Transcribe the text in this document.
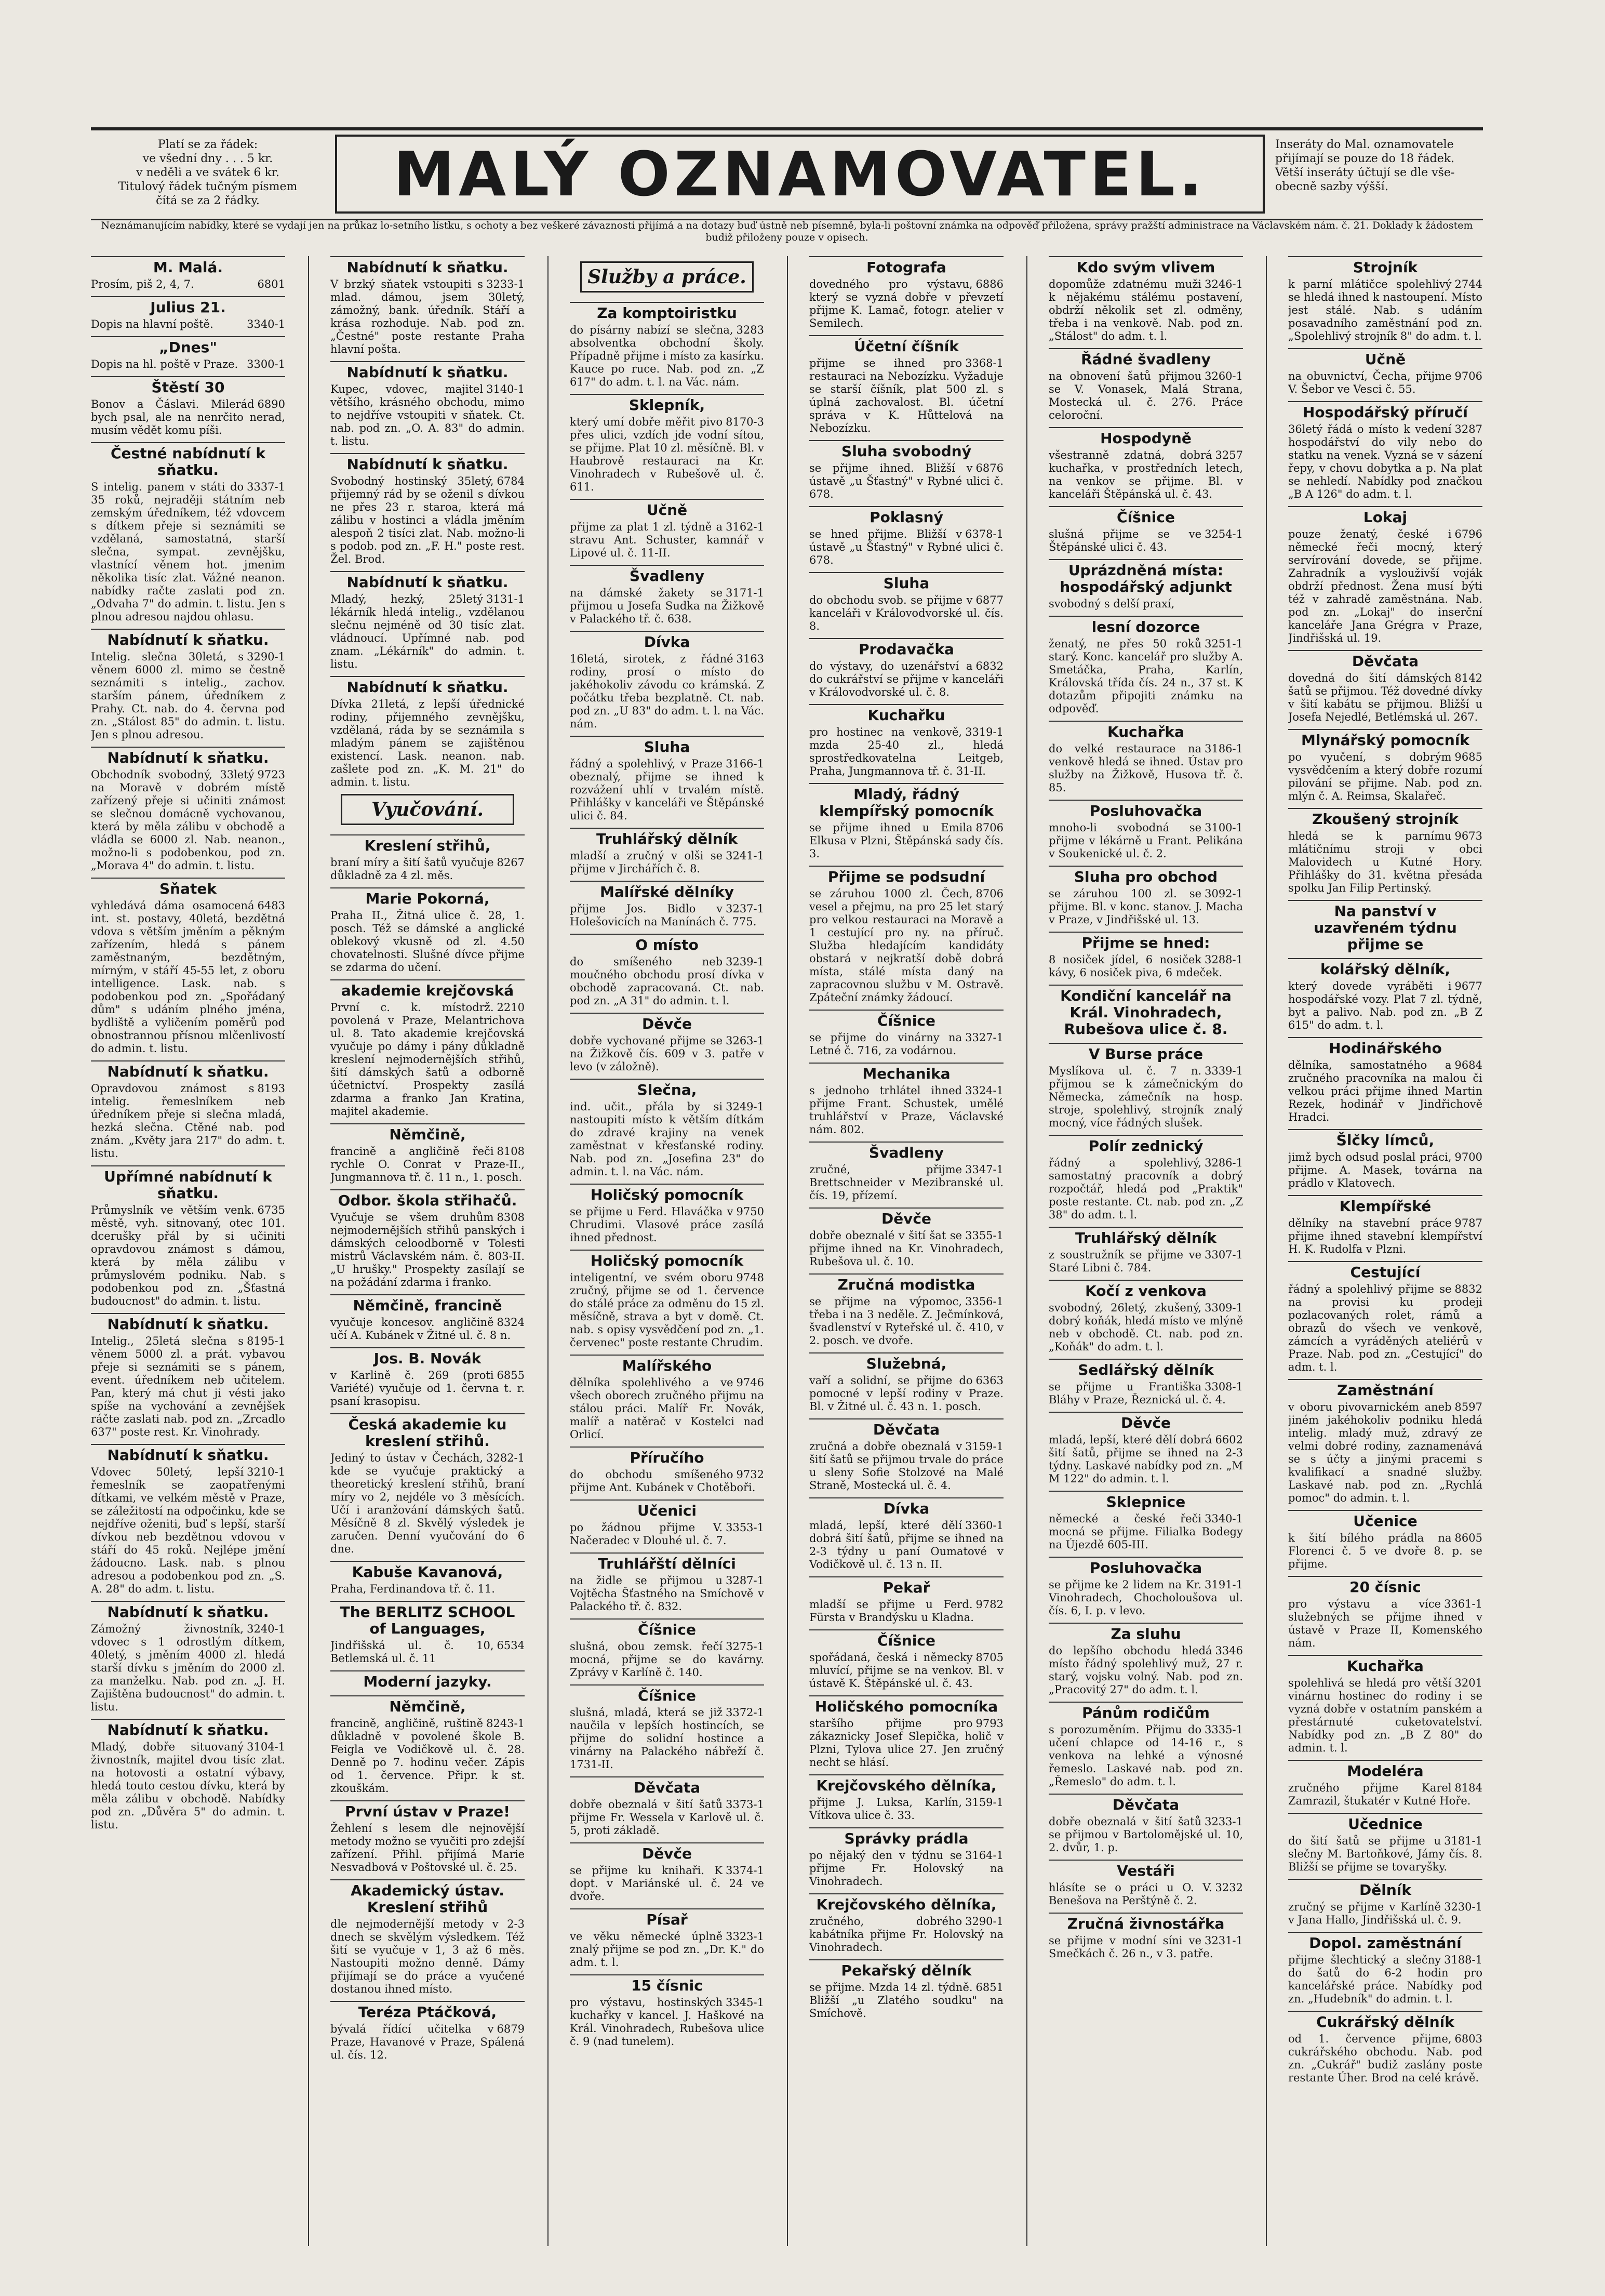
Platí se za řádek:
ve všední dny . . . 5 kr.
v neděli a ve svátek 6 kr.
Titulový řádek tučným písmem
čítá se za 2 řádky.	MALÝ OZNAMOVATEL.	Inseráty do Mal. oznamovatele
přijímají se pouze do 18 řádek.
Větší inseráty účtují se dle vše-
obecně sazby výšší.
Neznámanujícím nabídky, které se vydají jen na průkaz lo-setního lístku, s ochoty a bez veškeré závaznosti přijímá a na dotazy buď ústně neb písemně, byla-li poštovní známka na odpověď přiložena, správy pražští administrace na Václavském nám. č. 21. Doklady k žádostem budiž přiloženy pouze v opisech.
M. Malá.
6801
Prosím, piš 2, 4, 7.
Julius 21.
3340-1
Dopis na hlavní poště.
„Dnes"
3300-1
Dopis na hl. poště v Praze.
Štěstí 30
6890
Bonov a Čáslavi. Milerád bych psal, ale na nenrčito nerad, musím vědět komu píši.
Čestné nabídnutí k sňatku.
3337-1
S intelig. panem v státi do 35 roků, nejraději státním neb zemským úředníkem, též vdovcem s dítkem přeje si seznámiti se vzdělaná, samostatná, starší slečna, sympat. zevnějšku, vlastnící věnem hot. jmenim několika tisíc zlat. Vážné neanon. nabídky račte zaslati pod zn. „Odvaha 7" do admin. t. listu. Jen s plnou adresou najdou ohlasu.
Nabídnutí k sňatku.
3290-1
Intelig. slečna 30letá, s věnem 6000 zl. mimo se čestně seznámiti s intelig., zachov. starším pánem, úředníkem z Prahy. Ct. nab. do 4. června pod zn. „Stálost 85" do admin. t. listu. Jen s plnou adresou.
Nabídnutí k sňatku.
9723
Obchodník svobodný, 33letý na Moravě v dobrém místě zařízený přeje si učiniti známost se slečnou domácně vychovanou, která by měla zálibu v obchodě a vládla se 6000 zl. Nab. neanon., možno-li s podobenkou, pod zn. „Morava 4" do admin. t. listu.
Sňatek
6483
vyhledává dáma osamocená int. st. postavy, 40letá, bezdětná vdova s větším jměním a pěkným zařízením, hledá s pánem zaměstnaným, bezdětným, mírným, v stáří 45-55 let, z oboru intelligence. Lask. nab. s podobenkou pod zn. „Spořádaný dům" s udáním plného jména, bydliště a vyličením poměrů pod obnostrannou přísnou mlčenlivostí do admin. t. listu.
Nabídnutí k sňatku.
8193
Opravdovou známost s intelig. řemeslníkem neb úředníkem přeje si slečna mladá, hezká slečna. Ctěné nab. pod znám. „Květy jara 217" do adm. t. listu.
Upřímné nabídnutí k sňatku.
6735
Průmyslník ve větším venk. městě, vyh. sitnovaný, otec 101. dcerušky přál by si učiniti opravdovou známost s dámou, která by měla zálibu v průmyslovém podniku. Nab. s podobenkou pod zn. „Šťastná budoucnost" do admin. t. listu.
Nabídnutí k sňatku.
8195-1
Intelig., 25letá slečna s věnem 5000 zl. a prát. vybavou přeje si seznámiti se s pánem, event. úředníkem neb učitelem. Pan, který má chut ji vésti jako spíše na vychování a zevnějšek ráčte zaslati nab. pod zn. „Zrcadlo 637" poste rest. Kr. Vinohrady.
Nabídnutí k sňatku.
3210-1
Vdovec 50letý, lepší řemeslník se zaopatřenými dítkami, ve velkém městě v Praze, se záležitostí na odpočinku, kde se nejdříve oženiti, buď s lepší, starší dívkou neb bezdětnou vdovou v stáří do 45 roků. Nejlépe jmění žádoucno. Lask. nab. s plnou adresou a podobenkou pod zn. „S. A. 28" do adm. t. listu.
Nabídnutí k sňatku.
3240-1
Zámožný živnostník, vdovec s 1 odrostlým dítkem, 40letý, s jměním 4000 zl. hledá starší dívku s jměním do 2000 zl. za manželku. Nab. pod zn. „J. H. Zajištěna budoucnost" do admin. t. listu.
Nabídnutí k sňatku.
3104-1
Mladý, dobře situovaný živnostník, majitel dvou tisíc zlat. na hotovosti a ostatní výbavy, hledá touto cestou dívku, která by měla zálibu v obchodě. Nabídky pod zn. „Důvěra 5" do admin. t. listu.
Nabídnutí k sňatku.
3233-1
V brzký sňatek vstoupiti s mlad. dámou, jsem 30letý, zámožný, bank. úředník. Stáří a krása rozhoduje. Nab. pod zn. „Čestné" poste restante Praha hlavní pošta.
Nabídnutí k sňatku.
3140-1
Kupec, vdovec, majitel většího, krásného obchodu, mimo to nejdříve vstoupiti v sňatek. Ct. nab. pod zn. „O. A. 83" do admin. t. listu.
Nabídnutí k sňatku.
6784
Svobodný hostinský 35letý, přijemný rád by se oženil s dívkou ne přes 23 r. staroa, která má zálibu v hostinci a vládla jměním alespoň 2 tisíci zlat. Nab. možno-li s podob. pod zn. „F. H." poste rest. Žel. Brod.
Nabídnutí k sňatku.
3131-1
Mladý, hezký, 25letý lékárník hledá intelig., vzdělanou slečnu nejméně od 30 tisíc zlat. vládnoucí. Upřímné nab. pod znam. „Lékárník" do admin. t. listu.
Nabídnutí k sňatku.
Dívka 21letá, z lepší úřednické rodiny, přijemného zevnějšku, vzdělaná, ráda by se seznámila s mladým pánem se zajištěnou existencí. Lask. neanon. nab. zašlete pod zn. „K. M. 21" do admin. t. listu.
Vyučování.
Kreslení střihů,
8267
braní míry a šití šatů vyučuje důkladně za 4 zl. měs.
Marie Pokorná,
Praha II., Žitná ulice č. 28, 1. posch. Též se dámské a anglické oblekový vkusně od zl. 4.50 chovatelnosti. Slušné dívce přijme se zdarma do učení.
akademie krejčovská
2210
První c. k. místodrž. povolená v Praze, Melantrichova ul. 8. Tato akademie krejčovská vyučuje po dámy i pány důkladně kreslení nejmodernějších střihů, šití dámských šatů a odborně účetnictví. Prospekty zasílá zdarma a franko Jan Kratina, majitel akademie.
Němčině,
8108
francině a angličině řeči rychle O. Conrat v Praze-II., Jungmannova tř. č. 11 n., 1. posch.
Odbor. škola střihačů.
8308
Vyučuje se všem druhům nejmodernějších střihů panských i dámských celoodborně v Tolesti mistrů Václavském nám. č. 803-II. „U hrušky." Prospekty zasílají se na požádání zdarma i franko.
Němčině, francině
8324
vyučuje koncesov. angličině učí A. Kubánek v Žitné ul. č. 8 n.
Jos. B. Novák
6855
v Karlině č. 269 (proti Variété) vyučuje od 1. června t. r. psaní krasopisu.
Česká akademie ku kreslení střihů.
3282-1
Jediný to ústav v Čechách, kde se vyučuje praktický a theoretický kreslení střihů, braní míry vo 2, nejdéle vo 3 měsících. Učí i aranžování dámských šatů. Měsíčně 8 zl. Skvělý výsledek je zaručen. Denní vyučování do 6 dne.
Kabuše Kavanová,
Praha, Ferdinandova tř. č. 11.
The BERLITZ SCHOOL of Languages,
6534
Jindřišská ul. č. 10, Betlemská ul. č. 11
Moderní jazyky.
Němčině,
8243-1
francině, angličině, ruštině důkladně v povolené škole B. Feigla ve Vodičkově ul. č. 28. Denně po 7. hodinu večer. Zápis od 1. července. Připr. k st. zkouškám.
První ústav v Praze!
Žehlení s lesem dle nejnovější metody možno se vyučiti pro zdejší zařízení. Přihl. přijímá Marie Nesvadbová v Poštovské ul. č. 25.
Akademický ústav. Kreslení střihů
dle nejmodernější metody v 2-3 dnech se skvělým výsledkem. Též šití se vyučuje v 1, 3 až 6 měs. Nastoupiti možno denně. Dámy přijímají se do práce a vyučené dostanou ihned místo.
Teréza Ptáčková,
6879
bývalá řídící učitelka v Praze, Havanové v Praze, Spálená ul. čís. 12.
Služby a práce.
Za komptoiristku
3283
do písárny nabízí se slečna, absolventka obchodní školy. Případně přijme i místo za kasírku. Kauce po ruce. Nab. pod zn. „Z 617" do adm. t. l. na Vác. nám.
Sklepník,
8170-3
který umí dobře měřit pivo přes ulici, vzdích jde vodní sítou, se přijme. Plat 10 zl. měsíčně. Bl. v Haubrově restauraci na Kr. Vinohradech v Rubešově ul. č. 611.
Učně
3162-1
přijme za plat 1 zl. týdně a stravu Ant. Schuster, kamnář v Lipové ul. č. 11-II.
Švadleny
3171-1
na dámské žakety se přijmou u Josefa Sudka na Žižkově v Palackého tř. č. 638.
Dívka
3163
16letá, sirotek, z řádné rodiny, prosí o místo do jakéhokoliv závodu co krámská. Z počátku třeba bezplatně. Ct. nab. pod zn. „U 83" do adm. t. l. na Vác. nám.
Sluha
3166-1
řádný a spolehlivý, v Praze obeznalý, přijme se ihned k rozvážení uhlí v trvalém místě. Přihlášky v kanceláři ve Štěpánské ulici č. 84.
Truhlářský dělník
3241-1
mladší a zručný v olši se přijme v Jirchářích č. 8.
Malířské dělníky
3237-1
přijme Jos. Bidlo v Holešovicích na Manínách č. 775.
O místo
3239-1
do smíšeného neb moučného obchodu prosí dívka v obchodě zapracovaná. Ct. nab. pod zn. „A 31" do admin. t. l.
Děvče
3263-1
dobře vychované přijme se na Žižkově čís. 609 v 3. patře v levo (v záložně).
Slečna,
3249-1
ind. učit., přála by si nastoupiti místo k větším dítkám do zdravé krajiny na venek zaměstnat v křesťanské rodiny. Nab. pod zn. „Josefina 23" do admin. t. l. na Vác. nám.
Holičský pomocník
9750
se přijme u Ferd. Hlaváčka v Chrudimi. Vlasové práce zasílá ihned přednost.
Holičský pomocník
9748
inteligentní, ve svém oboru zručný, přijme se od 1. července do stálé práce za odměnu do 15 zl. měsíčně, strava a byt v domě. Ct. nab. s opisy vysvědčení pod zn. „1. červenec" poste restante Chrudim.
Malířského
9746
dělníka spolehlivého a ve všech oborech zručného přijmu na stálou práci. Malíř Fr. Novák, malíř a natěrač v Kostelci nad Orlicí.
Příručího
9732
do obchodu smíšeného přijme Ant. Kubánek v Chotěboři.
Učenici
3353-1
po žádnou přijme V. Načeradec v Dlouhé ul. č. 7.
Truhlářští dělníci
3287-1
na židle se přijmou u Vojtěcha Šťastného na Smíchově v Palackého tř. č. 832.
Číšnice
3275-1
slušná, obou zemsk. řečí mocná, přijme se do kavárny. Zprávy v Karlíně č. 140.
Číšnice
3372-1
slušná, mladá, která se již naučila v lepších hostincích, se přijme do solidní hostince a vinárny na Palackého nábřeží č. 1731-II.
Děvčata
3373-1
dobře obeznalá v šití šatů přijme Fr. Wessela v Karlově ul. č. 5, proti základě.
Děvče
3374-1
se přijme ku knihaři. K dopt. v Mariánské ul. č. 24 ve dvoře.
Písař
3323-1
ve věku německé úplně znalý přijme se pod zn. „Dr. K." do adm. t. l.
15 čísnic
3345-1
pro výstavu, hostinských kuchařky v kancel. J. Haškové na Král. Vinohradech, Rubešova ulice č. 9 (nad tunelem).
Fotografa
6886
dovedného pro výstavu, který se vyzná dobře v převzetí přijme K. Lamač, fotogr. atelier v Semilech.
Účetní číšník
3368-1
přijme se ihned pro restauraci na Nebozízku. Vyžaduje se starší číšník, plat 500 zl. s úplná zachovalost. Bl. účetní správa v K. Hůttelová na Nebozízku.
Sluha svobodný
6876
se přijme ihned. Bližší v ústavě „u Šťastný" v Rybné ulici č. 678.
Poklasný
6378-1
se hned přijme. Bližší v ústavě „u Šťastný" v Rybné ulici č. 678.
Sluha
6877
do obchodu svob. se přijme v kanceláři v Královodvorské ul. čís. 8.
Prodavačka
6832
do výstavy, do uzenářství a do cukrářství se přijme v kanceláři v Královodvorské ul. č. 8.
Kuchařku
3319-1
pro hostinec na venkově, mzda 25-40 zl., hledá sprostředkovatelna Leitgeb, Praha, Jungmannova tř. č. 31-II.
Mladý, řádný klempířský pomocník
8706
se přijme ihned u Emila Elkusa v Plzni, Štěpánská sady čís. 3.
Přijme se podsudní
8706
se záruhou 1000 zl. Čech, vesel a přejmu, na pro 25 let starý pro velkou restauraci na Moravě a 1 cestující pro ny. na příruč. Služba hledajícím kandidáty obstará v nejkratší době dobrá místa, stálé místa daný na zapracovnou službu v M. Ostravě. Zpáteční známky žádoucí.
Číšnice
3327-1
se přijme do vinárny na Letné č. 716, za vodárnou.
Mechanika
3324-1
s jednoho trhlátel ihned přijme Frant. Schustek, umělé truhlářství v Praze, Václavské nám. 802.
Švadleny
3347-1
zručné, přijme Brettschneider v Mezibranské ul. čís. 19, přízemí.
Děvče
3355-1
dobře obeznalé v šití šat se přijme ihned na Kr. Vinohradech, Rubešova ul. č. 10.
Zručná modistka
3356-1
se přijme na výpomoc, třeba i na 3 neděle. Z. Ječmínková, švadlenství v Ryteřské ul. č. 410, v 2. posch. ve dvoře.
Služebná,
6363
vaří a solidní, se přijme do pomocné v lepší rodiny v Praze. Bl. v Žitné ul. č. 43 n. 1. posch.
Děvčata
3159-1
zručná a dobře obeznalá v šití šatů se přijmou trvale do práce u sleny Sofie Stolzové na Malé Straně, Mostecká ul. č. 4.
Dívka
3360-1
mladá, lepší, které dělí dobrá šití šatů, přijme se ihned na 2-3 týdny u paní Oumatové v Vodičkově ul. č. 13 n. II.
Pekař
9782
mladší se přijme u Ferd. Fürsta v Brandýsku u Kladna.
Číšnice
8705
spořádaná, česká i německy mluvící, přijme se na venkov. Bl. v ústavě K. Štěpánské ul. č. 43.
Holičského pomocníka
9793
staršího přijme pro zákaznicky Josef Slepička, holič v Plzni, Tylova ulice 27. Jen zručný necht se hlásí.
Krejčovského dělníka,
3159-1
přijme J. Luksa, Karlín, Vítkova ulice č. 33.
Správky prádla
3164-1
po nějaký den v týdnu se přijme Fr. Holovský na Vinohradech.
Krejčovského dělníka,
3290-1
zručného, dobrého kabátníka přijme Fr. Holovský na Vinohradech.
Pekařský dělník
6851
se přijme. Mzda 14 zl. týdně. Bližší „u Zlatého soudku" na Smíchově.
Kdo svým vlivem
3246-1
dopomůže zdatnému muži k nějakému stálému postavení, obdrží několik set zl. odměny, třeba i na venkově. Nab. pod zn. „Stálost" do adm. t. l.
Řádné švadleny
3260-1
na obnovení šatů přijmou se V. Vonasek, Malá Strana, Mostecká ul. č. 276. Práce celoroční.
Hospodyně
3257
všestranně zdatná, dobrá kuchařka, v prostředních letech, na venkov se přijme. Bl. v kanceláři Štěpánská ul. č. 43.
Číšnice
3254-1
slušná přijme se ve Štěpánské ulici č. 43.
Uprázdněná místa: hospodářský adjunkt
svobodný s delší praxí,
lesní dozorce
3251-1
ženatý, ne přes 50 roků starý. Konc. kancelář pro služby A. Smetáčka, Praha, Karlín, Královská třída čís. 24 n., 37 st. K dotazům připojiti známku na odpověď.
Kuchařka
3186-1
do velké restaurace na venkově hledá se ihned. Ústav pro služby na Žižkově, Husova tř. č. 85.
Posluhovačka
3100-1
mnoho-li svobodná se přijme v lékárně u Frant. Pelikána v Soukenické ul. č. 2.
Sluha pro obchod
3092-1
se záruhou 100 zl. se přijme. Bl. v konc. stanov. J. Macha v Praze, v Jindřišské ul. 13.
Přijme se hned:
3288-1
8 nosiček jídel, 6 nosiček kávy, 6 nosiček piva, 6 mdeček.
Kondiční kancelář na Král. Vinohradech, Rubešova ulice č. 8.
V Burse práce
3339-1
Myslíkova ul. č. 7 n. přijmou se k zámečnickým do Německa, zámečník na hosp. stroje, spolehlivý, strojník znalý mocný, více řádných slušek.
Polír zednický
3286-1
řádný a spolehlivý, samostatný pracovník a dobrý rozpočtář, hledá pod „Praktik" poste restante. Ct. nab. pod zn. „Z 38" do adm. t. l.
Truhlářský dělník
3307-1
z soustružník se přijme ve Staré Libni č. 784.
Kočí z venkova
3309-1
svobodný, 26letý, zkušený, dobrý koňák, hledá místo ve mlýně neb v obchodě. Ct. nab. pod zn. „Koňák" do adm. t. l.
Sedlářský dělník
3308-1
se přijme u Františka Bláhy v Praze, Řeznická ul. č. 4.
Děvče
6602
mladá, lepší, které dělí dobrá šití šatů, přijme se ihned na 2-3 týdny. Laskavé nabídky pod zn. „M M 122" do admin. t. l.
Sklepnice
3340-1
německé a české řeči mocná se přijme. Filialka Bodegy na Újezdě 605-III.
Posluhovačka
3191-1
se přijme ke 2 lidem na Kr. Vinohradech, Chocholoušova ul. čís. 6, I. p. v levo.
Za sluhu
3346
do lepšího obchodu hledá místo řádný spolehlivý muž, 27 r. starý, vojsku volný. Nab. pod zn. „Pracovitý 27" do adm. t. l.
Pánům rodičům
3335-1
s porozuměním. Přijmu do učení chlapce od 14-16 r., s venkova na lehké a výnosné řemeslo. Laskavé nab. pod zn. „Řemeslo" do adm. t. l.
Děvčata
3233-1
dobře obeznalá v šití šatů se přijmou v Bartolomějské ul. 10, 2. dvůr, 1. p.
Vestáři
3232
hlásíte se o práci u O. V. Benešova na Perštýně č. 2.
Zručná živnostářka
3231-1
se přijme v modní síni ve Smečkách č. 26 n., v 3. patře.
Strojník
2744
k parní mlátičce spolehlivý se hledá ihned k nastoupení. Místo jest stálé. Nab. s udáním posavadního zaměstnání pod zn. „Spolehlivý strojník 8" do adm. t. l.
Učně
9706
na obuvnictví, Čecha, přijme V. Šebor ve Vesci č. 55.
Hospodářský příručí
3287
36letý řádá o místo k vedení hospodářství do vily nebo do statku na venek. Vyzná se v sázení řepy, v chovu dobytka a p. Na plat se nehledí. Nabídky pod značkou „B A 126" do adm. t. l.
Lokaj
6796
pouze ženatý, české i německé řeči mocný, který servírování dovede, se přijme. Zahradník a vyslouživší voják obdrží přednost. Žena musí býti též v zahradě zaměstnána. Nab. pod zn. „Lokaj" do inserční kanceláře Jana Grégra v Praze, Jindřišská ul. 19.
Děvčata
8142
dovedná do šití dámských šatů se přijmou. Též dovedné dívky v šití kabátu se přijmou. Bližší u Josefa Nejedlé, Betlémská ul. 267.
Mlynářský pomocník
9685
po vyučení, s dobrým vysvědčením a který dobře rozumí pilování se přijme. Nab. pod zn. mlýn č. A. Reimsa, Skalařeč.
Zkoušený strojník
9673
hledá se k parnímu mlátičnímu stroji v obci Malovidech u Kutné Hory. Přihlášky do 31. května přesáda spolku Jan Filip Pertinský.
Na panství v uzavřeném týdnu přijme se
kolářský dělník,
9677
který dovede vyráběti i hospodářské vozy. Plat 7 zl. týdně, byt a palivo. Nab. pod zn. „B Z 615" do adm. t. l.
Hodinářského
9684
dělníka, samostatného a zručného pracovníka na malou či velkou práci přijme ihned Martin Rezek, hodinář v Jindřichově Hradci.
Šlčky límců,
9700
jimž bych odsud poslal práci, přijme. A. Masek, továrna na prádlo v Klatovech.
Klempířské
9787
dělníky na stavební práce přijme ihned stavební klempířství H. K. Rudolfa v Plzni.
Cestující
8832
řádný a spolehlivý přijme se na provisi ku prodeji pozlacovaných rolet, rámů a obrazů do všech ve venkově, zámcích a vyráděných ateliérů v Praze. Nab. pod zn. „Cestující" do adm. t. l.
Zaměstnání
8597
v oboru pivovarnickém aneb jiném jakéhokoliv podniku hledá intelig. mladý muž, zdravý ze velmi dobré rodiny, zaznamenává se s účty a jinými pracemi s kvalifikací a snadné služby. Laskavé nab. pod zn. „Rychlá pomoc" do admin. t. l.
Učenice
8605
k šití bílého prádla na Florenci č. 5 ve dvoře 8. p. se přijme.
20 čísnic
3361-1
pro výstavu a více služebných se přijme ihned v ústavě v Praze II, Komenského nám.
Kuchařka
3201
spolehlivá se hledá pro větší vinárnu hostinec do rodiny i se vyzná dobře v ostatním panském a přestárnuté cuketovatelství. Nabídky pod zn. „B Z 80" do admin. t. l.
Modeléra
8184
zručného přijme Karel Zamrazil, štukatér v Kutné Hoře.
Učednice
3181-1
do šití šatů se přijme u slečny M. Bartoňkové, Jámy čís. 8. Bližší se přijme se tovaryšky.
Dělník
3230-1
zručný se přijme v Karlíně v Jana Hallo, Jindřišská ul. č. 9.
Dopol. zaměstnání
3188-1
přijme šlechtický a slečny do šatů do 6-2 hodin pro kancelářské práce. Nabídky pod zn. „Hudebník" do admin. t. l.
Cukrářský dělník
6803
od 1. července přijme, cukrářského obchodu. Nab. pod zn. „Cukrář" budiž zaslány poste restante Úher. Brod na celé krávě.
